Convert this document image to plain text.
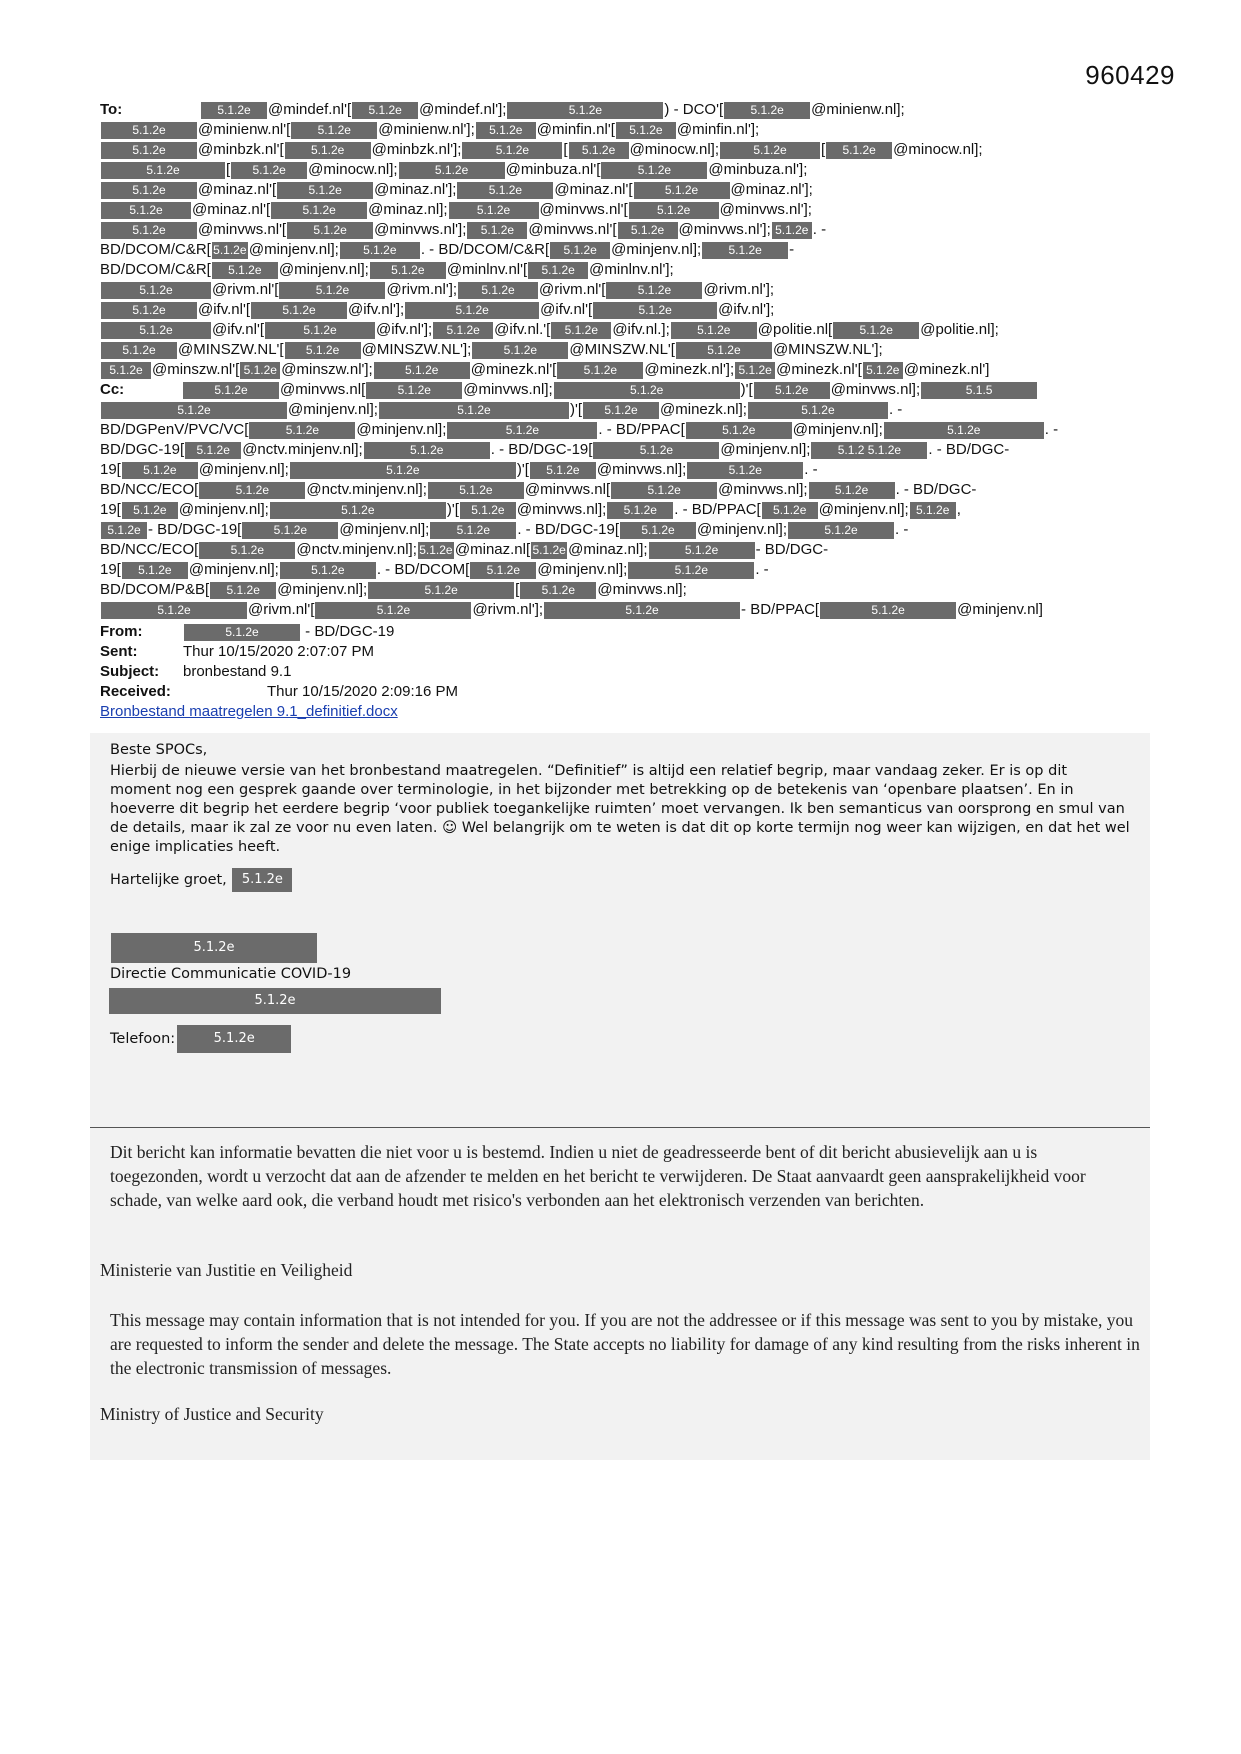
960429
To:	5.1.2e @mindef.nl'[ 5.1.2e @mindef.nl'];	5.1.2e	) - DCO'[ 5.1.2e @minienw.nl];
5.1.2e @minienw.nl'[ 5.1.2e @minienw.nl']; 5.1.2e @minfin.nl'[ 5.1.2e @minfin.nl'];
5.1.2e @minbzk.nl'[ 5.1.2e @minbzk.nl'];	5.1.2e [ 5.1.2e @minocw.nl];	5.1.2e [ 5.1.2e @minocw.nl];
5.1.2e	[ 5.1.2e @minocw.nl];	5.1.2e @minbuza.nl'[	5.1.2e @minbuza.nl'];
5.1.2e @minaz.nl'[	5.1.2e @minaz.nl'];	5.1.2e @minaz.nl'[	5.1.2e @minaz.nl'];
5.1.2e @minaz.nl'[	5.1.2e @minaz.nl]; 5.1.2e @minvws.nl'[ 5.1.2e @minvws.nl'];
5.1.2e @minvws.nl'[ 5.1.2e @minvws.nl']; 5.1.2e @minvws.nl'[ 5.1.2e @minvws.nl']; 5.1.2e . -
BD/DCOM/C&R[ 5.1.2e @minjenv.nl]; 5.1.2e . - BD/DCOM/C&R[ 5.1.2e @minjenv.nl]; 5.1.2e -
BD/DCOM/C&R[ 5.1.2e @minjenv.nl]; 5.1.2e @minlnv.nl'[ 5.1.2e @minlnv.nl'];
5.1.2e	@rivm.nl'[	5.1.2e @rivm.nl']; 5.1.2e @rivm.nl'[	5.1.2e @rivm.nl'];
5.1.2e @ifv.nl'[	5.1.2e @ifv.nl'];	5.1.2e	@ifv.nl'[	5.1.2e	@ifv.nl'];
5.1.2e	@ifv.nl'[	5.1.2e	@ifv.nl']; 5.1.2e @ifv.nl.'[ 5.1.2e @ifv.nl.]; 5.1.2e @politie.nl[ 5.1.2e @politie.nl];
5.1.2e @MINSZW.NL'[ 5.1.2e @MINSZW.NL'];	5.1.2e @MINSZW.NL'[	5.1.2e @MINSZW.NL'];
5.1.2e @minszw.nl'[ 5.1.2e @minszw.nl'];	5.1.2e @minezk.nl'[ 5.1.2e @minezk.nl']; 5.1.2e @minezk.nl'[ 5.1.2e @minezk.nl']
Cc:	5.1.2e @minvws.nl[	5.1.2e @minvws.nl];	5.1.2e	)'[ 5.1.2e @minvws.nl];	5.1.5
5.1.2e	@minjenv.nl];	5.1.2e	)'[ 5.1.2e @minezk.nl];	5.1.2e	. -
BD/DGPenV/PVC/VC[	5.1.2e @minjenv.nl];	5.1.2e	. - BD/PPAC[	5.1.2e @minjenv.nl];	5.1.2e	. -
BD/DGC-19[ 5.1.2e @nctv.minjenv.nl];	5.1.2e	. - BD/DGC-19[	5.1.2e	@minjenv.nl]; 5.1.2 5.1.2e . - BD/DGC-
19[ 5.1.2e @minjenv.nl];	5.1.2e	)'[ 5.1.2e @minvws.nl];	5.1.2e	. -
BD/NCC/ECO[	5.1.2e @nctv.minjenv.nl];	5.1.2e @minvws.nl[	5.1.2e @minvws.nl]; 5.1.2e . - BD/DGC-
19[ 5.1.2e @minjenv.nl];	5.1.2e	)'[ 5.1.2e @minvws.nl]; 5.1.2e . - BD/PPAC[ 5.1.2e @minjenv.nl]; 5.1.2e ,
5.1.2e - BD/DGC-19[	5.1.2e @minjenv.nl]; 5.1.2e . - BD/DGC-19[ 5.1.2e @minjenv.nl];	5.1.2e . -
BD/NCC/ECO[	5.1.2e @nctv.minjenv.nl]; 5.1.2e @minaz.nl[ 5.1.2e @minaz.nl];	5.1.2e - BD/DGC-
19[ 5.1.2e @minjenv.nl];	5.1.2e . - BD/DCOM[ 5.1.2e @minjenv.nl];	5.1.2e	. -
BD/DCOM/P&B[ 5.1.2e @minjenv.nl];	5.1.2e	[ 5.1.2e @minvws.nl];
5.1.2e	@rivm.nl'[	5.1.2e	@rivm.nl'];	5.1.2e	- BD/PPAC[	5.1.2e	@minjenv.nl]
From:	5.1.2e	- BD/DGC-19
Sent:	Thur 10/15/2020 2:07:07 PM
Subject: bronbestand 9.1
Received:	Thur 10/15/2020 2:09:16 PM
Bronbestand maatregelen 9.1_definitief.docx

Beste SPOCs,

Hierbij de nieuwe versie van het bronbestand maatregelen. “Definitief” is altijd een relatief begrip, maar vandaag zeker. Er is op dit moment nog een gesprek gaande over terminologie, in het bijzonder met betrekking op de betekenis van ‘openbare plaatsen’. En in hoeverre dit begrip het eerdere begrip ‘voor publiek toegankelijke ruimten’ moet vervangen. Ik ben semanticus van oorsprong en smul van de details, maar ik zal ze voor nu even laten. ☺ Wel belangrijk om te weten is dat dit op korte termijn nog weer kan wijzigen, en dat het wel enige implicaties heeft.

Hartelijke groet, 5.1.2e
5.1.2e
Directie Communicatie COVID-19
5.1.2e
Telefoon:	5.1.2e

Dit bericht kan informatie bevatten die niet voor u is bestemd. Indien u niet de geadresseerde bent of dit bericht abusievelijk aan u is toegezonden, wordt u verzocht dat aan de afzender te melden en het bericht te verwijderen. De Staat aanvaardt geen aansprakelijkheid voor schade, van welke aard ook, die verband houdt met risico's verbonden aan het elektronisch verzenden van berichten.

Ministerie van Justitie en Veiligheid

This message may contain information that is not intended for you. If you are not the addressee or if this message was sent to you by mistake, you are requested to inform the sender and delete the message. The State accepts no liability for damage of any kind resulting from the risks inherent in the electronic transmission of messages.

Ministry of Justice and Security
